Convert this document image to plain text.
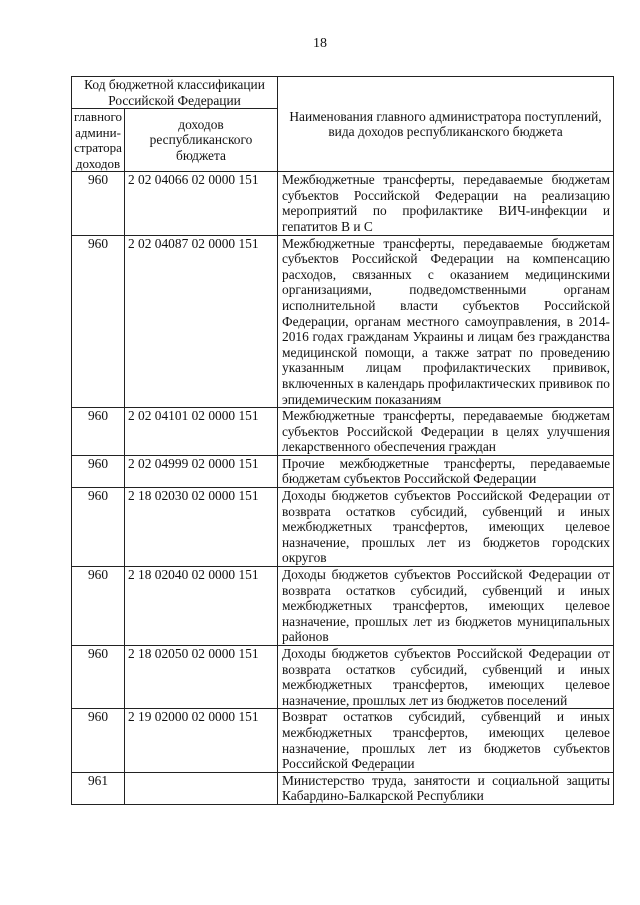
18
Код бюджетной классификации Российской Федерации		Наименования главного администратора поступлений, вида доходов республиканского бюджета
главного админи-стратора доходов	доходов республиканского бюджета	
960	2 02 04066 02 0000 151	Межбюджетные трансферты, передаваемые бюджетам субъектов Российской Федерации на реализацию мероприятий по профилактике ВИЧ-инфекции и гепатитов В и С
960	2 02 04087 02 0000 151	Межбюджетные трансферты, передаваемые бюджетам субъектов Российской Федерации на компенсацию расходов, связанных с оказанием медицинскими организациями, подведомственными органам исполнительной власти субъектов Российской Федерации, органам местного самоуправления, в 2014-2016 годах гражданам Украины и лицам без гражданства медицинской помощи, а также затрат по проведению указанным лицам профилактических прививок, включенных в календарь профилактических прививок по эпидемическим показаниям
960	2 02 04101 02 0000 151	Межбюджетные трансферты, передаваемые бюджетам субъектов Российской Федерации в целях улучшения лекарственного обеспечения граждан
960	2 02 04999 02 0000 151	Прочие межбюджетные трансферты, передаваемые бюджетам субъектов Российской Федерации
960	2 18 02030 02 0000 151	Доходы бюджетов субъектов Российской Федерации от возврата остатков субсидий, субвенций и иных межбюджетных трансфертов, имеющих целевое назначение, прошлых лет из бюджетов городских округов
960	2 18 02040 02 0000 151	Доходы бюджетов субъектов Российской Федерации от возврата остатков субсидий, субвенций и иных межбюджетных трансфертов, имеющих целевое назначение, прошлых лет из бюджетов муниципальных районов
960	2 18 02050 02 0000 151	Доходы бюджетов субъектов Российской Федерации от возврата остатков субсидий, субвенций и иных межбюджетных трансфертов, имеющих целевое назначение, прошлых лет из бюджетов поселений
960	2 19 02000 02 0000 151	Возврат остатков субсидий, субвенций и иных межбюджетных трансфертов, имеющих целевое назначение, прошлых лет из бюджетов субъектов Российской Федерации
961		Министерство труда, занятости и социальной защиты Кабардино-Балкарской Республики
